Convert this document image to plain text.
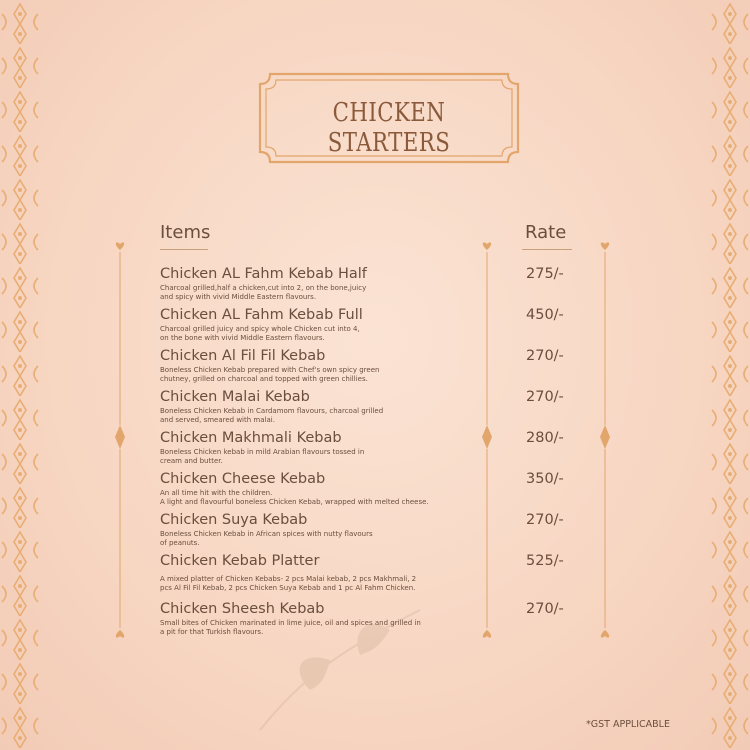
CHICKEN STARTERS
Items	Rate
Chicken AL Fahm Kebab Half
Charcoal grilled,half a chicken,cut into 2, on the bone,juicy
and spicy with vivid Middle Eastern flavours.
275/-
Chicken AL Fahm Kebab Full
Charcoal grilled juicy and spicy whole Chicken cut into 4,
on the bone with vivid Middle Eastern flavours.
450/-
Chicken Al Fil Fil Kebab
Boneless Chicken Kebab prepared with Chef's own spicy green
chutney, grilled on charcoal and topped with green chillies.
270/-
Chicken Malai Kebab
Boneless Chicken Kebab in Cardamom flavours, charcoal grilled
and served, smeared with malai.
270/-
Chicken Makhmali Kebab
Boneless Chicken kebab in mild Arabian flavours tossed in
cream and butter.
280/-
Chicken Cheese Kebab
An all time hit with the children.
A light and flavourful boneless Chicken Kebab, wrapped with melted cheese.
350/-
Chicken Suya Kebab
Boneless Chicken Kebab in African spices with nutty flavours
of peanuts.
270/-
Chicken Kebab Platter
A mixed platter of Chicken Kebabs- 2 pcs Malai kebab, 2 pcs Makhmali, 2
pcs Al Fil Fil Kebab, 2 pcs Chicken Suya Kebab and 1 pc Al Fahm Chicken.
525/-
Chicken Sheesh Kebab
Small bites of Chicken marinated in lime juice, oil and spices and grilled in
a pit for that Turkish flavours.
270/-
*GST APPLICABLE
